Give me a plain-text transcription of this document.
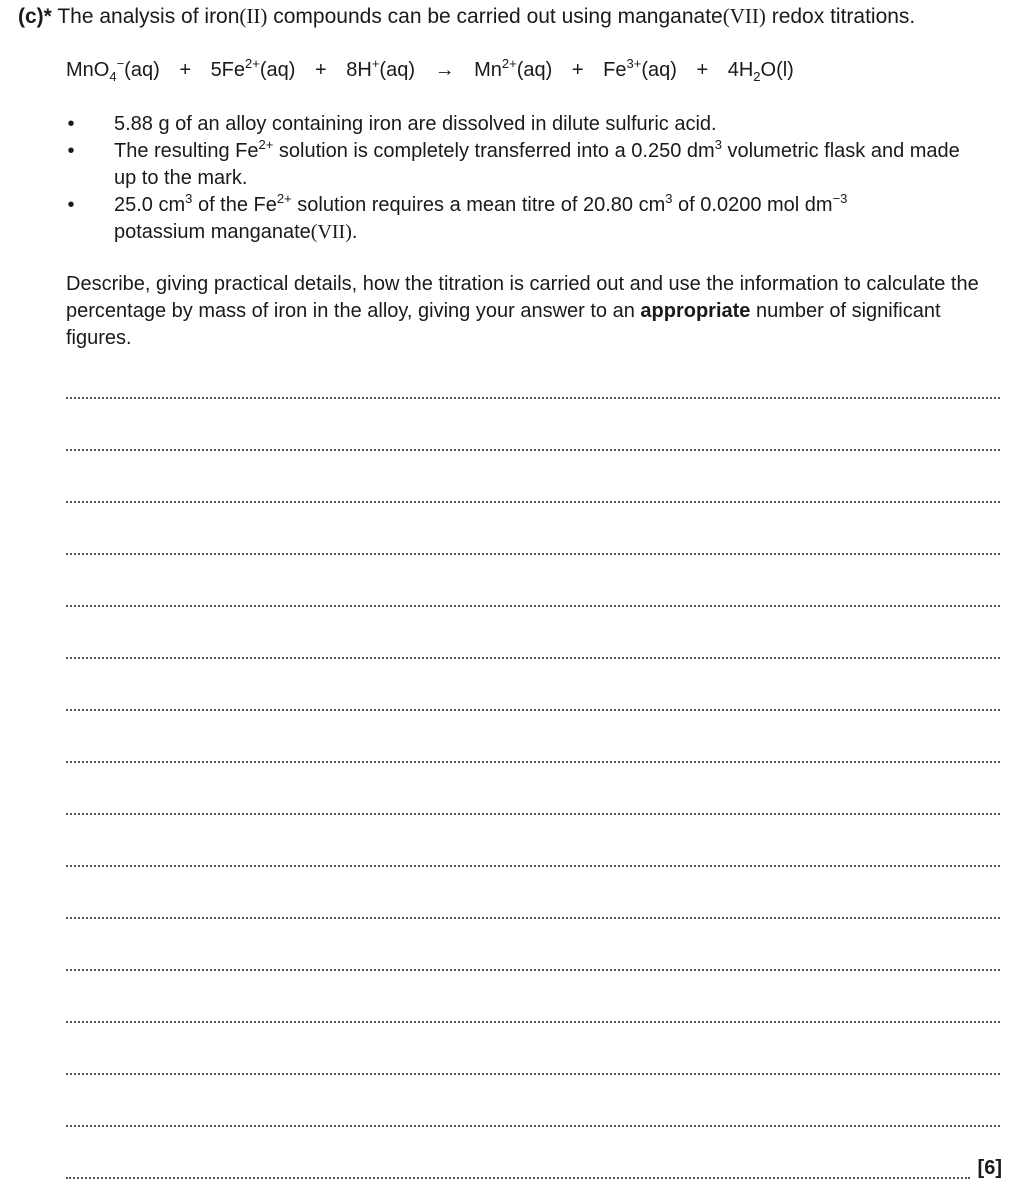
(c)* The analysis of iron(II) compounds can be carried out using manganate(VII) redox titrations.
$MnO_4^-(aq) + 5Fe^{2+}(aq) + 8H^+(aq) \to Mn^{2+}(aq) + Fe^{3+}(aq) + 4H_2O(l)$
• 5.88 g of an alloy containing iron are dissolved in dilute sulfuric acid.
• The resulting $Fe^{2+}$ solution is completely transferred into a 0.250 $dm^3$ volumetric flask and made up to the mark.
• 25.0 $cm^3$ of the $Fe^{2+}$ solution requires a mean titre of 20.80 $cm^3$ of 0.0200 mol $dm^{-3}$
potassium manganate(VII).
Describe, giving practical details, how the titration is carried out and use the information to calculate the percentage by mass of iron in the alloy, giving your answer to an appropriate number of significant figures.
[6]
